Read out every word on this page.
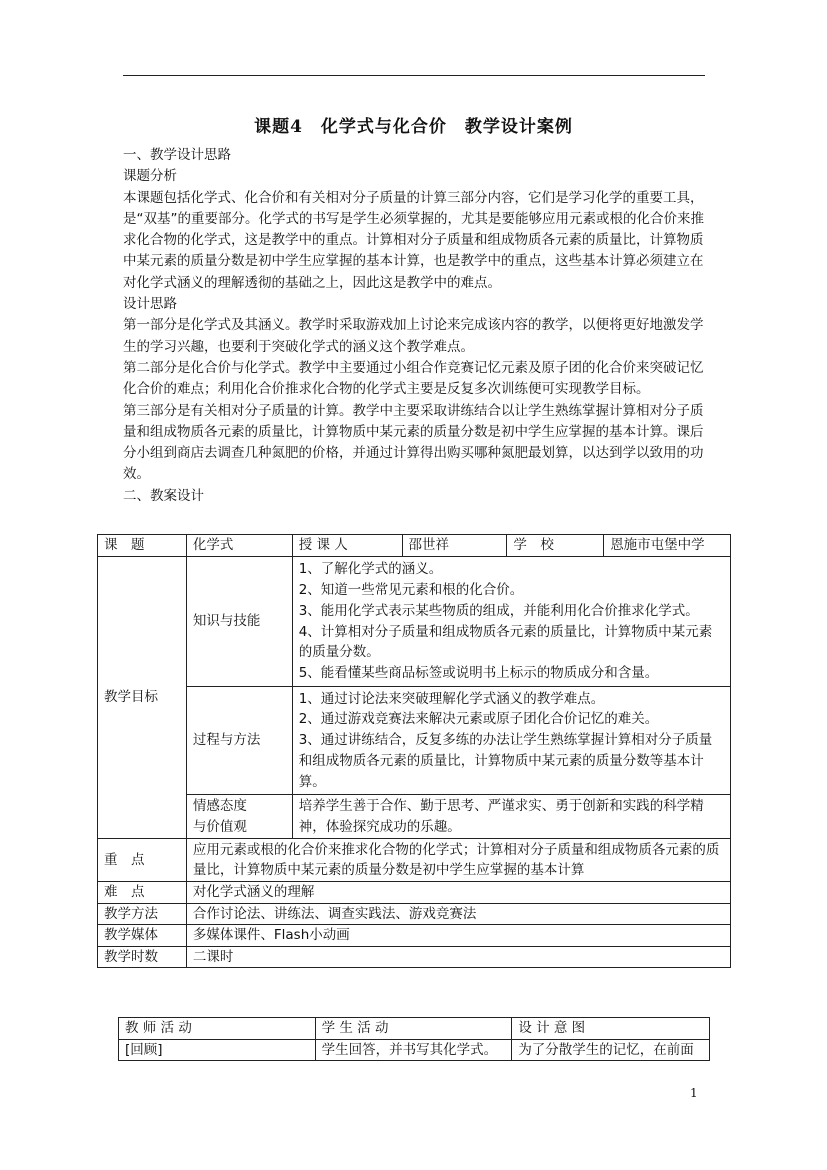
课题4　化学式与化合价　教学设计案例

一、教学设计思路

课题分析

本课题包括化学式、化合价和有关相对分子质量的计算三部分内容，它们是学习化学的重要工具，是“双基”的重要部分。化学式的书写是学生必须掌握的，尤其是要能够应用元素或根的化合价来推求化合物的化学式，这是教学中的重点。计算相对分子质量和组成物质各元素的质量比，计算物质中某元素的质量分数是初中学生应掌握的基本计算，也是教学中的重点，这些基本计算必须建立在对化学式涵义的理解透彻的基础之上，因此这是教学中的难点。

设计思路

第一部分是化学式及其涵义。教学时采取游戏加上讨论来完成该内容的教学，以便将更好地激发学生的学习兴趣，也要利于突破化学式的涵义这个教学难点。

第二部分是化合价与化学式。教学中主要通过小组合作竞赛记忆元素及原子团的化合价来突破记忆化合价的难点；利用化合价推求化合物的化学式主要是反复多次训练便可实现教学目标。

第三部分是有关相对分子质量的计算。教学中主要采取讲练结合以让学生熟练掌握计算相对分子质量和组成物质各元素的质量比，计算物质中某元素的质量分数是初中学生应掌握的基本计算。课后分小组到商店去调查几种氮肥的价格，并通过计算得出购买哪种氮肥最划算，以达到学以致用的功效。

二、教案设计

课　题	化学式	授 课 人	邵世祥	学　校	恩施市屯堡中学
教学目标	知识与技能	1、了解化学式的涵义。
2、知道一些常见元素和根的化合价。
3、能用化学式表示某些物质的组成，并能利用化合价推求化学式。
4、计算相对分子质量和组成物质各元素的质量比，计算物质中某元素的质量分数。
5、能看懂某些商品标签或说明书上标示的物质成分和含量。			

	过程与方法	1、通过讨论法来突破理解化学式涵义的教学难点。
2、通过游戏竞赛法来解决元素或原子团化合价记忆的难关。
3、通过讲练结合，反复多练的办法让学生熟练掌握计算相对分子质量和组成物质各元素的质量比，计算物质中某元素的质量分数等基本计算。			

	情感态度
与价值观	培养学生善于合作、勤于思考、严谨求实、勇于创新和实践的科学精神，体验探究成功的乐趣。			
重　点	应用元素或根的化合价来推求化合物的化学式；计算相对分子质量和组成物质各元素的质量比，计算物质中某元素的质量分数是初中学生应掌握的基本计算				
难　点	对化学式涵义的理解				
教学方法	合作讨论法、讲练法、调查实践法、游戏竞赛法				
教学媒体	多媒体课件、Flash小动画				
教学时数	二课时				
教 师 活 动	学 生 活 动	设 计 意 图
[回顾]	学生回答，并书写其化学式。	为了分散学生的记忆，在前面
1
